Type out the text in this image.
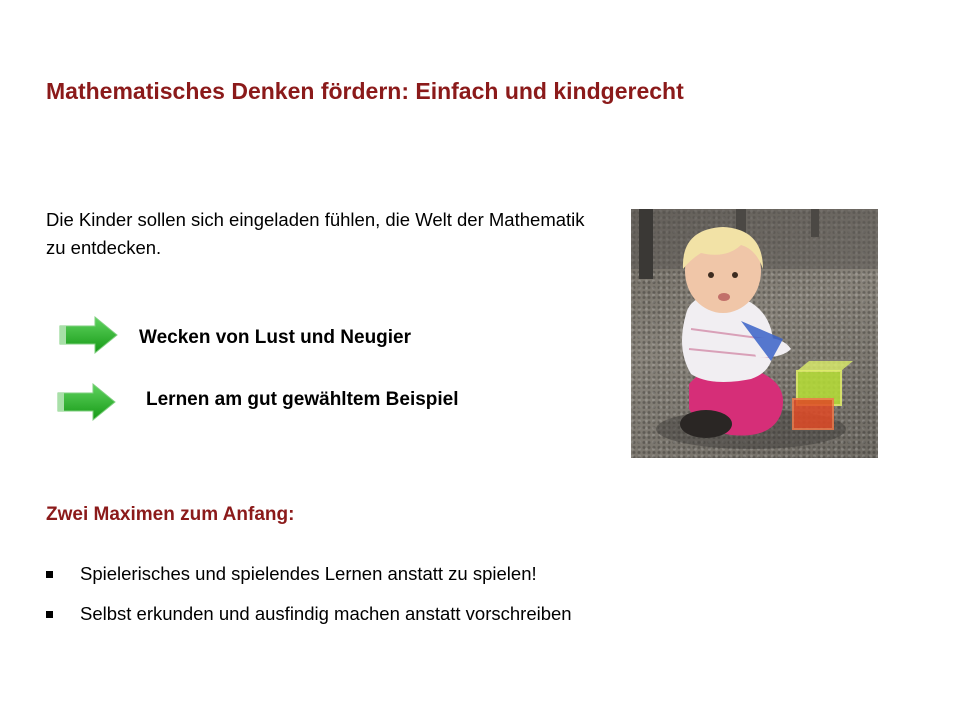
Mathematisches Denken fördern: Einfach und kindgerecht
Die Kinder sollen sich eingeladen fühlen, die Welt der Mathematik zu entdecken.
Wecken von Lust und Neugier
Lernen am gut gewähltem Beispiel
Zwei Maximen zum Anfang:
Spielerisches und spielendes Lernen anstatt zu spielen!
Selbst erkunden und ausfindig machen anstatt vorschreiben
